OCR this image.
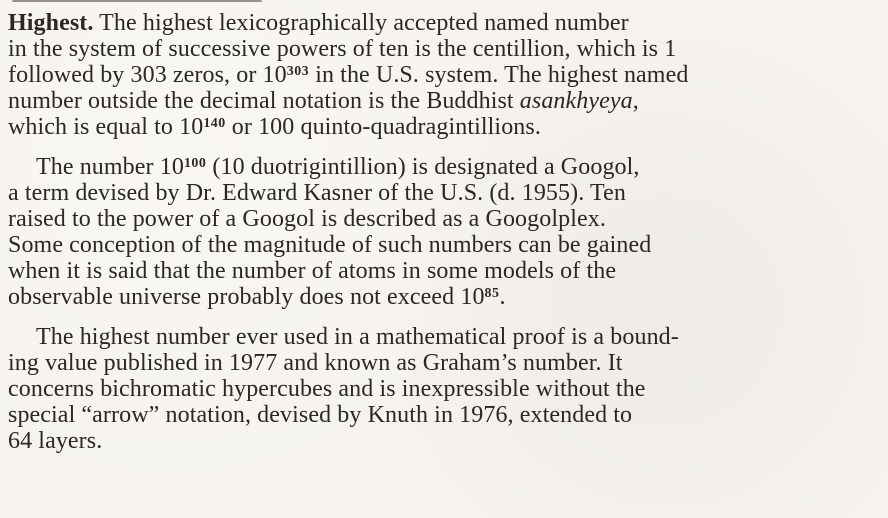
Highest. The highest lexicographically accepted named number
in the system of successive powers of ten is the centillion, which is 1
followed by 303 zeros, or $10^{303}$ in the U.S. system. The highest named
number outside the decimal notation is the Buddhist asankhyeya,
which is equal to $10^{140}$ or 100 quinto-quadragintillions.

The number $10^{100}$ (10 duotrigintillion) is designated a Googol,
a term devised by Dr. Edward Kasner of the U.S. (d. 1955). Ten
raised to the power of a Googol is described as a Googolplex.
Some conception of the magnitude of such numbers can be gained
when it is said that the number of atoms in some models of the
observable universe probably does not exceed $10^{85}$.

The highest number ever used in a mathematical proof is a bound-
ing value published in 1977 and known as Graham’s number. It
concerns bichromatic hypercubes and is inexpressible without the
special “arrow” notation, devised by Knuth in 1976, extended to
64 layers.
